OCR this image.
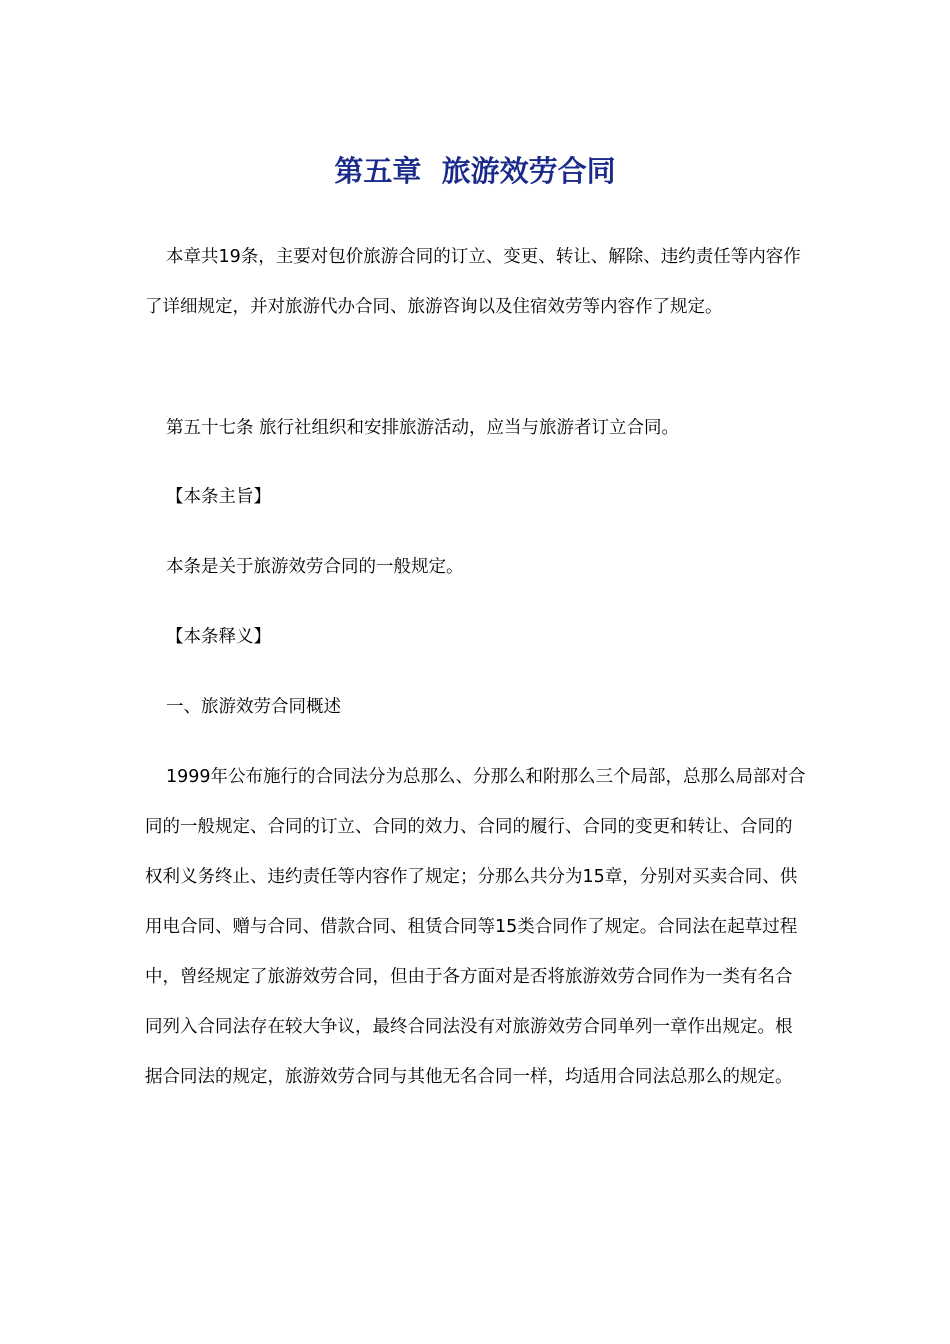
第五章  旅游效劳合同

本章共19条，主要对包价旅游合同的订立、变更、转让、解除、违约责任等内容作了详细规定，并对旅游代办合同、旅游咨询以及住宿效劳等内容作了规定。

第五十七条 旅行社组织和安排旅游活动，应当与旅游者订立合同。

【本条主旨】

本条是关于旅游效劳合同的一般规定。

【本条释义】

一、旅游效劳合同概述

1999年公布施行的合同法分为总那么、分那么和附那么三个局部，总那么局部对合同的一般规定、合同的订立、合同的效力、合同的履行、合同的变更和转让、合同的权利义务终止、违约责任等内容作了规定；分那么共分为15章，分别对买卖合同、供用电合同、赠与合同、借款合同、租赁合同等15类合同作了规定。合同法在起草过程中，曾经规定了旅游效劳合同，但由于各方面对是否将旅游效劳合同作为一类有名合同列入合同法存在较大争议，最终合同法没有对旅游效劳合同单列一章作出规定。根据合同法的规定，旅游效劳合同与其他无名合同一样，均适用合同法总那么的规定。
